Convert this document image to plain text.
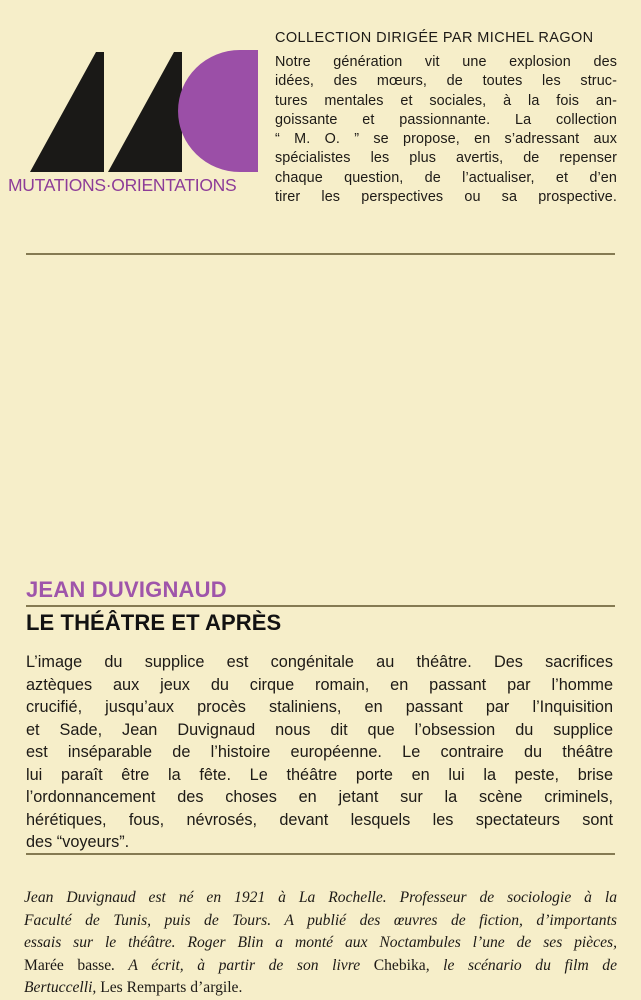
MUTATIONS·ORIENTATIONS
COLLECTION DIRIGÉE PAR MICHEL RAGON

Notre génération vit une explosion des
idées, des mœurs, de toutes les struc-
tures mentales et sociales, à la fois an-
goissante et passionnante. La collection
“ M. O. ” se propose, en s’adressant aux
spécialistes les plus avertis, de repenser
chaque question, de l’actualiser, et d’en
tirer les perspectives ou sa prospective.

JEAN DUVIGNAUD
LE THÉÂTRE ET APRÈS

L’image du supplice est congénitale au théâtre. Des sacrifices
aztèques aux jeux du cirque romain, en passant par l’homme
crucifié, jusqu’aux procès staliniens, en passant par l’Inquisition
et Sade, Jean Duvignaud nous dit que l’obsession du supplice
est inséparable de l’histoire européenne. Le contraire du théâtre
lui paraît être la fête. Le théâtre porte en lui la peste, brise
l’ordonnancement des choses en jetant sur la scène criminels,
hérétiques, fous, névrosés, devant lesquels les spectateurs sont
des “voyeurs”.

Jean Duvignaud est né en 1921 à La Rochelle. Professeur de sociologie à la
Faculté de Tunis, puis de Tours. A publié des œuvres de fiction, d’importants
essais sur le théâtre. Roger Blin a monté aux Noctambules l’une de ses pièces,
Marée basse. A écrit, à partir de son livre Chebika, le scénario du film de
Bertuccelli, Les Remparts d’argile.
